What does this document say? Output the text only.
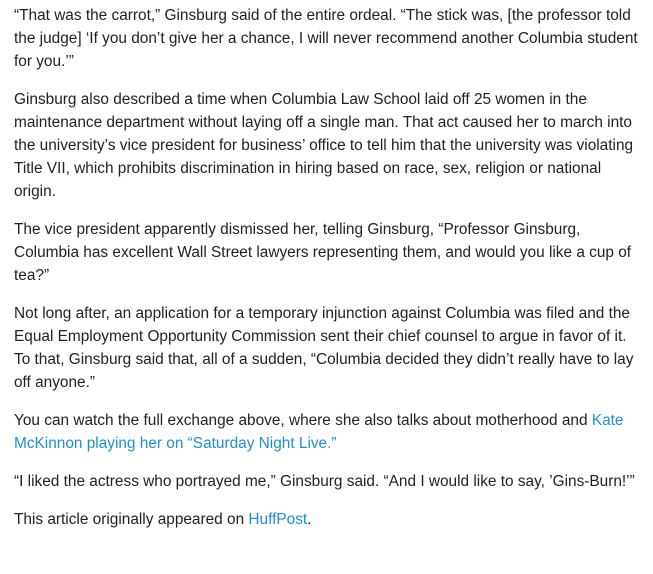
“That was the carrot,” Ginsburg said of the entire ordeal. “The stick was, [the professor told the judge] ‘If you don’t give her a chance, I will never recommend another Columbia student for you.’”

Ginsburg also described a time when Columbia Law School laid off 25 women in the maintenance department without laying off a single man. That act caused her to march into the university’s vice president for business’ office to tell him that the university was violating Title VII, which prohibits discrimination in hiring based on race, sex, religion or national origin.

The vice president apparently dismissed her, telling Ginsburg, “Professor Ginsburg, Columbia has excellent Wall Street lawyers representing them, and would you like a cup of tea?”

Not long after, an application for a temporary injunction against Columbia was filed and the Equal Employment Opportunity Commission sent their chief counsel to argue in favor of it. To that, Ginsburg said that, all of a sudden, “Columbia decided they didn’t really have to lay off anyone.”

You can watch the full exchange above, where she also talks about motherhood and Kate McKinnon playing her on “Saturday Night Live.”

“I liked the actress who portrayed me,” Ginsburg said. “And I would like to say, ’Gins-Burn!’”

This article originally appeared on HuffPost.
